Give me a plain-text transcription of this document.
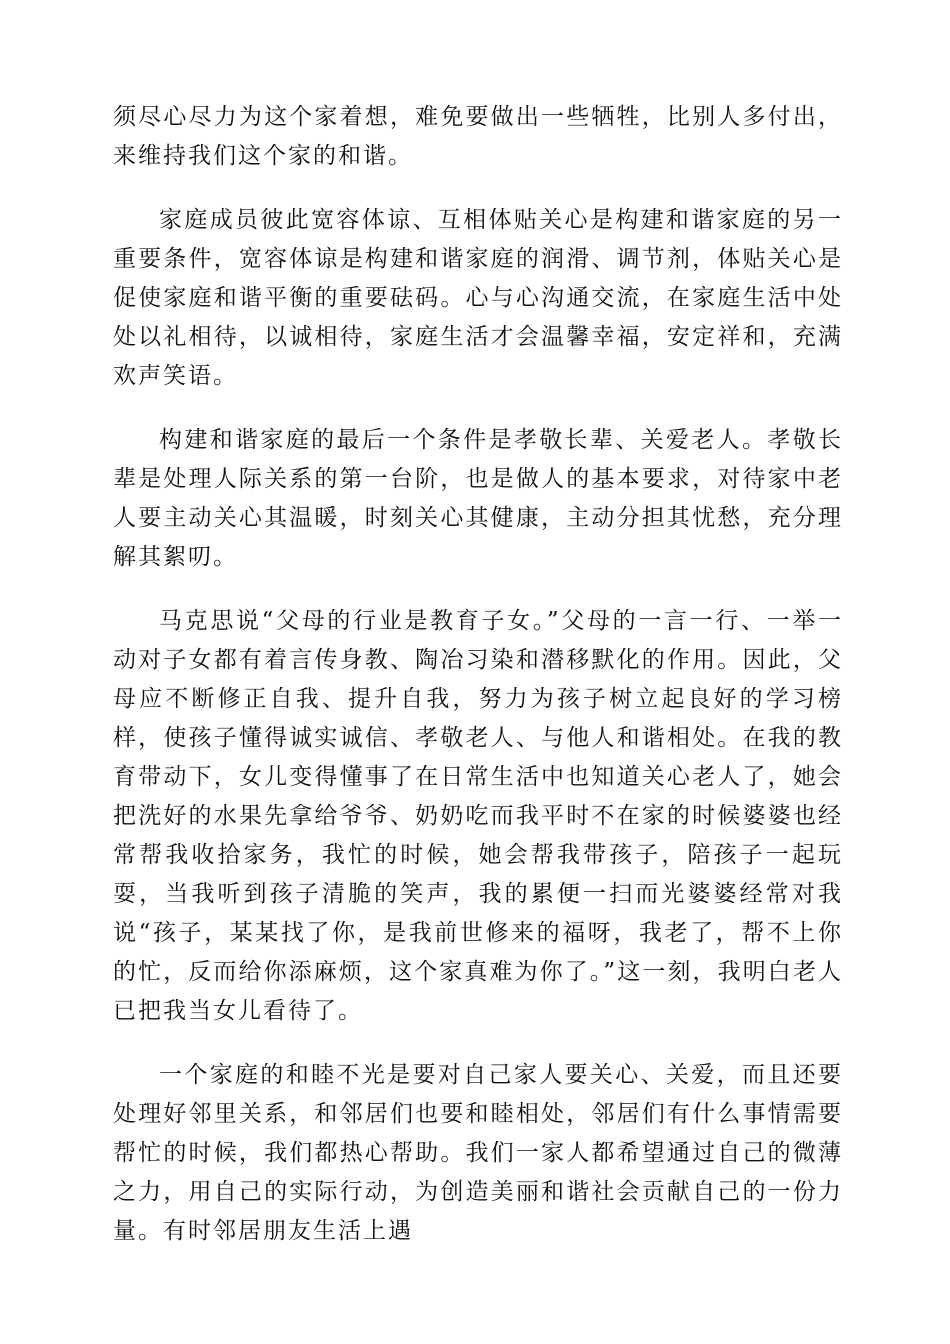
须尽心尽力为这个家着想，难免要做出一些牺牲，比别人多付出，来维持我们这个家的和谐。

家庭成员彼此宽容体谅、互相体贴关心是构建和谐家庭的另一重要条件，宽容体谅是构建和谐家庭的润滑、调节剂，体贴关心是促使家庭和谐平衡的重要砝码。心与心沟通交流，在家庭生活中处处以礼相待，以诚相待，家庭生活才会温馨幸福，安定祥和，充满欢声笑语。

构建和谐家庭的最后一个条件是孝敬长辈、关爱老人。孝敬长辈是处理人际关系的第一台阶，也是做人的基本要求，对待家中老人要主动关心其温暖，时刻关心其健康，主动分担其忧愁，充分理解其絮叨。

马克思说“父母的行业是教育子女。”父母的一言一行、一举一动对子女都有着言传身教、陶冶习染和潜移默化的作用。因此，父母应不断修正自我、提升自我，努力为孩子树立起良好的学习榜样，使孩子懂得诚实诚信、孝敬老人、与他人和谐相处。在我的教育带动下，女儿变得懂事了在日常生活中也知道关心老人了，她会把洗好的水果先拿给爷爷、奶奶吃而我平时不在家的时候婆婆也经常帮我收拾家务，我忙的时候，她会帮我带孩子，陪孩子一起玩耍，当我听到孩子清脆的笑声，我的累便一扫而光婆婆经常对我说“孩子，某某找了你，是我前世修来的福呀，我老了，帮不上你的忙，反而给你添麻烦，这个家真难为你了。”这一刻，我明白老人已把我当女儿看待了。

一个家庭的和睦不光是要对自己家人要关心、关爱，而且还要处理好邻里关系，和邻居们也要和睦相处，邻居们有什么事情需要帮忙的时候，我们都热心帮助。我们一家人都希望通过自己的微薄之力，用自己的实际行动，为创造美丽和谐社会贡献自己的一份力量。有时邻居朋友生活上遇
